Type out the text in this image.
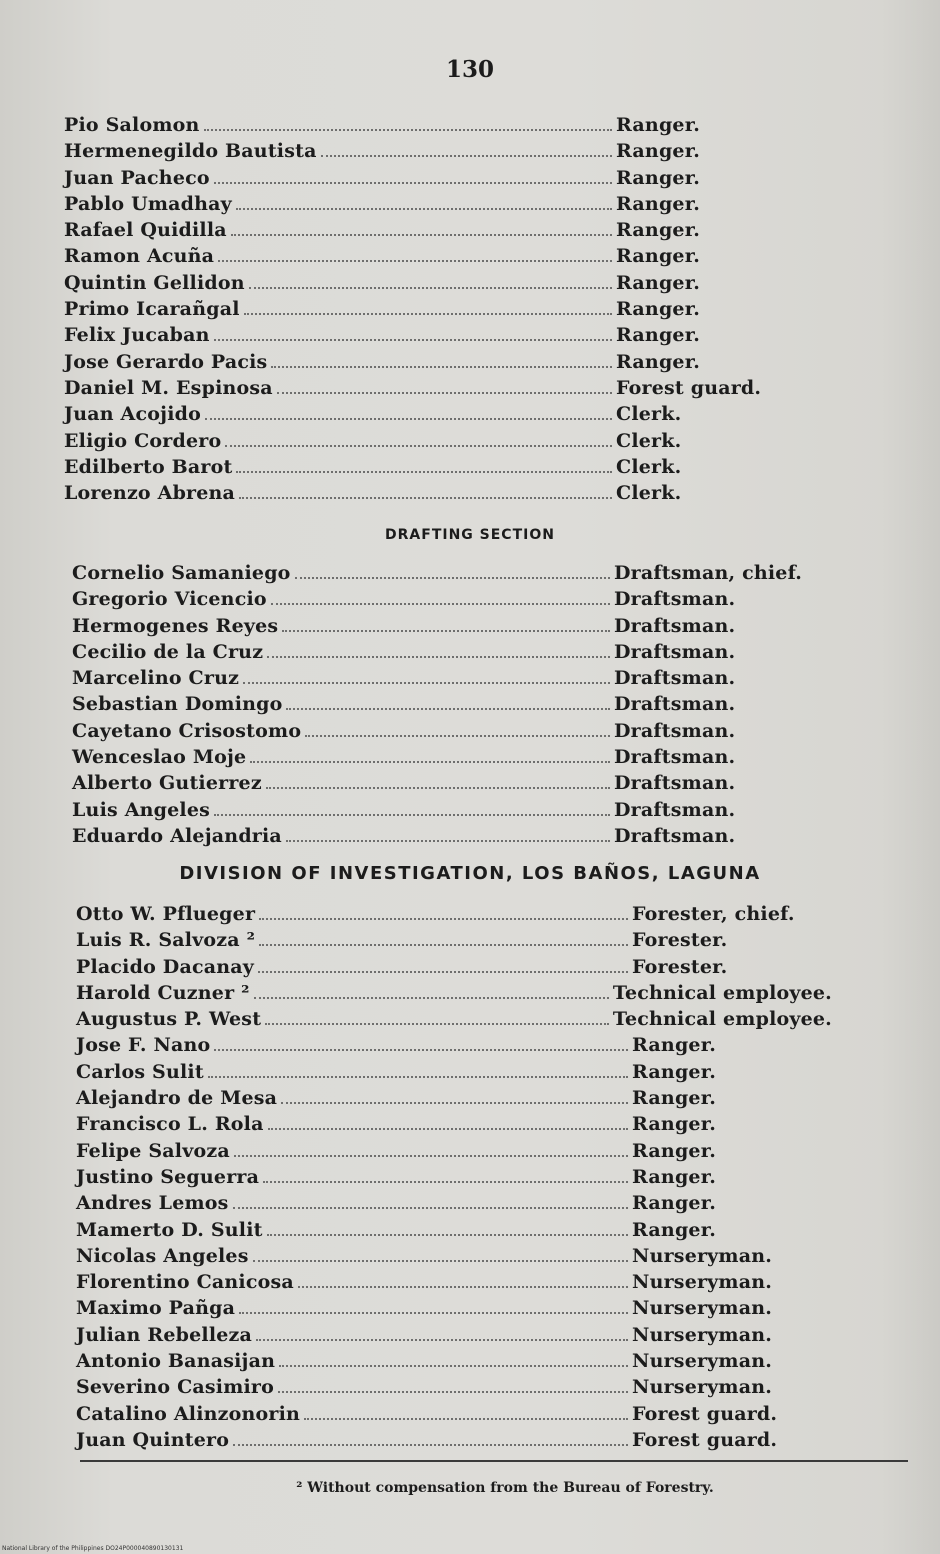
130
Pio Salomon	Ranger.
Hermenegildo Bautista	Ranger.
Juan Pacheco	Ranger.
Pablo Umadhay	Ranger.
Rafael Quidilla	Ranger.
Ramon Acuña	Ranger.
Quintin Gellidon	Ranger.
Primo Icarañgal	Ranger.
Felix Jucaban	Ranger.
Jose Gerardo Pacis	Ranger.
Daniel M. Espinosa	Forest guard.
Juan Acojido	Clerk.
Eligio Cordero	Clerk.
Edilberto Barot	Clerk.
Lorenzo Abrena	Clerk.
DRAFTING SECTION
Cornelio Samaniego	Draftsman, chief.
Gregorio Vicencio	Draftsman.
Hermogenes Reyes	Draftsman.
Cecilio de la Cruz	Draftsman.
Marcelino Cruz	Draftsman.
Sebastian Domingo	Draftsman.
Cayetano Crisostomo	Draftsman.
Wenceslao Moje	Draftsman.
Alberto Gutierrez	Draftsman.
Luis Angeles	Draftsman.
Eduardo Alejandria	Draftsman.
DIVISION OF INVESTIGATION, LOS BAÑOS, LAGUNA
Otto W. Pflueger	Forester, chief.
Luis R. Salvoza ²	Forester.
Placido Dacanay	Forester.
Harold Cuzner ²	Technical employee.
Augustus P. West	Technical employee.
Jose F. Nano	Ranger.
Carlos Sulit	Ranger.
Alejandro de Mesa	Ranger.
Francisco L. Rola	Ranger.
Felipe Salvoza	Ranger.
Justino Seguerra	Ranger.
Andres Lemos	Ranger.
Mamerto D. Sulit	Ranger.
Nicolas Angeles	Nurseryman.
Florentino Canicosa	Nurseryman.
Maximo Pañga	Nurseryman.
Julian Rebelleza	Nurseryman.
Antonio Banasijan	Nurseryman.
Severino Casimiro	Nurseryman.
Catalino Alinzonorin	Forest guard.
Juan Quintero	Forest guard.
² Without compensation from the Bureau of Forestry.
National Library of the Philippines DO24P000040890130131
